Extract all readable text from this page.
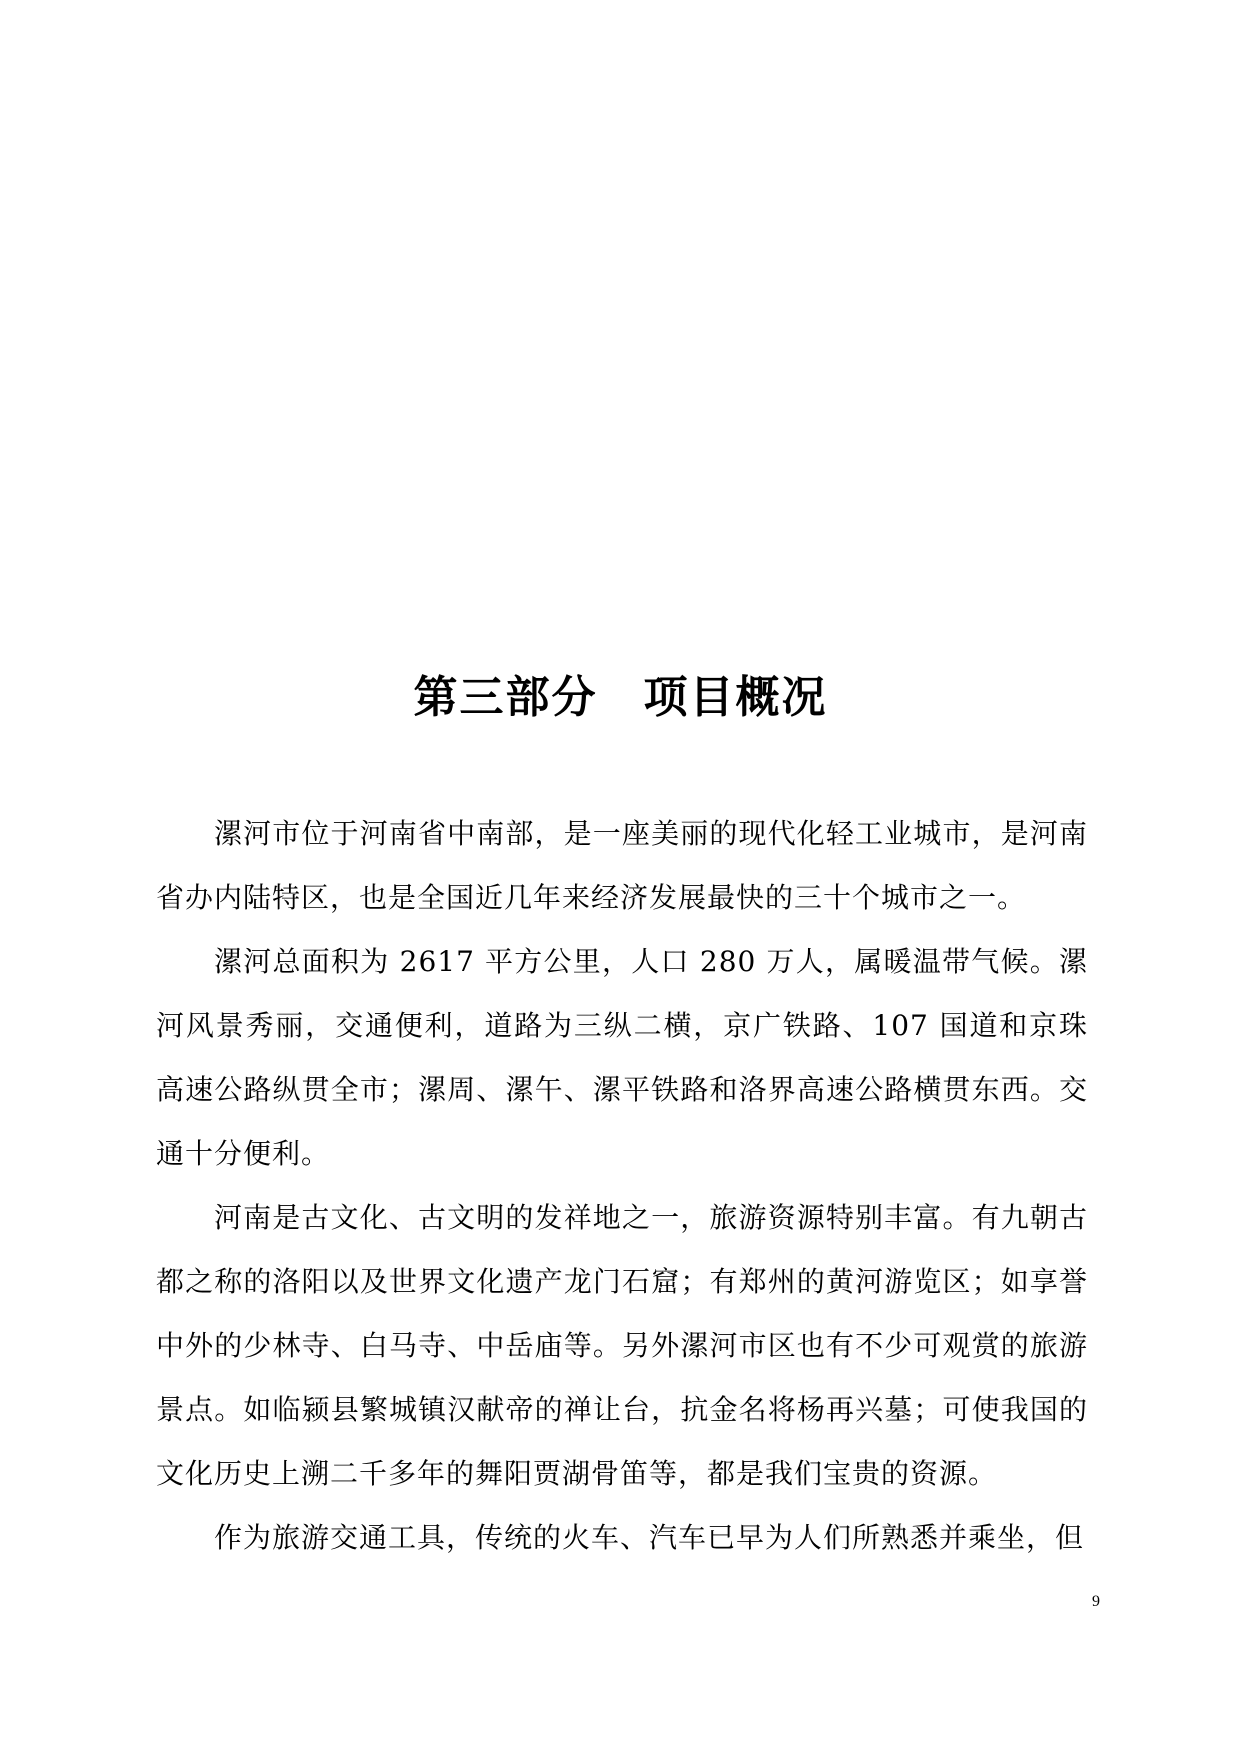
第三部分　项目概况

漯河市位于河南省中南部，是一座美丽的现代化轻工业城市，是河南省办内陆特区，也是全国近几年来经济发展最快的三十个城市之一。

漯河总面积为 2617 平方公里，人口 280 万人，属暖温带气候。漯河风景秀丽，交通便利，道路为三纵二横，京广铁路、107 国道和京珠高速公路纵贯全市；漯周、漯午、漯平铁路和洛界高速公路横贯东西。交通十分便利。

河南是古文化、古文明的发祥地之一，旅游资源特别丰富。有九朝古都之称的洛阳以及世界文化遗产龙门石窟；有郑州的黄河游览区；如享誉中外的少林寺、白马寺、中岳庙等。另外漯河市区也有不少可观赏的旅游景点。如临颍县繁城镇汉献帝的禅让台，抗金名将杨再兴墓；可使我国的文化历史上溯二千多年的舞阳贾湖骨笛等，都是我们宝贵的资源。

作为旅游交通工具，传统的火车、汽车已早为人们所熟悉并乘坐，但

9
